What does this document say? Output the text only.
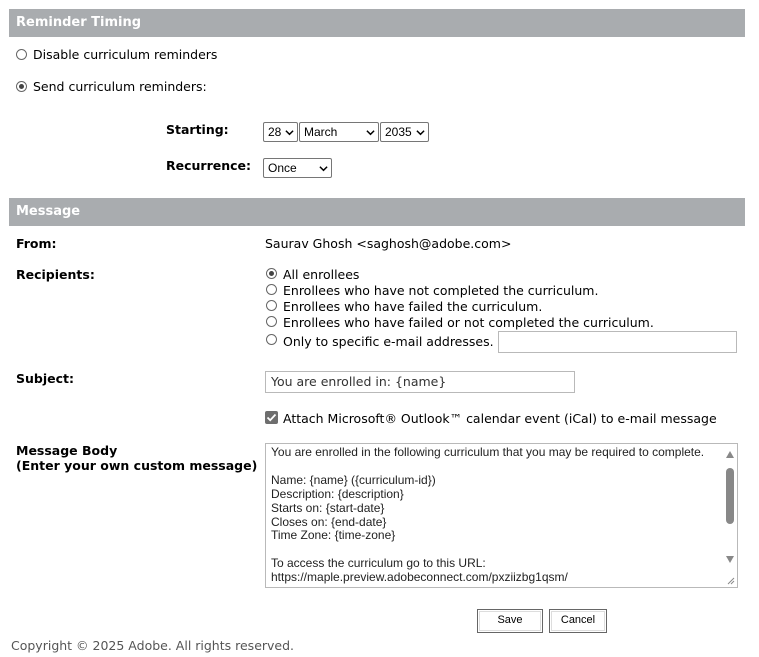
Reminder Timing
Disable curriculum reminders
Send curriculum reminders:
Starting:	28	March	2035
Recurrence:	Once
Message
From:	Saurav Ghosh <saghosh@adobe.com>
Recipients:	All enrollees
Enrollees who have not completed the curriculum.
Enrollees who have failed the curriculum.
Enrollees who have failed or not completed the curriculum.
Only to specific e-mail addresses.
Subject:	You are enrolled in: {name}
Attach Microsoft® Outlook™ calendar event (iCal) to e-mail message
Message Body
(Enter your own custom message)
You are enrolled in the following curriculum that you may be required to complete.

Name: {name} ({curriculum-id})
Description: {description}
Starts on: {start-date}
Closes on: {end-date}
Time Zone: {time-zone}

To access the curriculum go to this URL:
https://maple.preview.adobeconnect.com/pxziizbg1qsm/
Save	Cancel
Copyright © 2025 Adobe. All rights reserved.
